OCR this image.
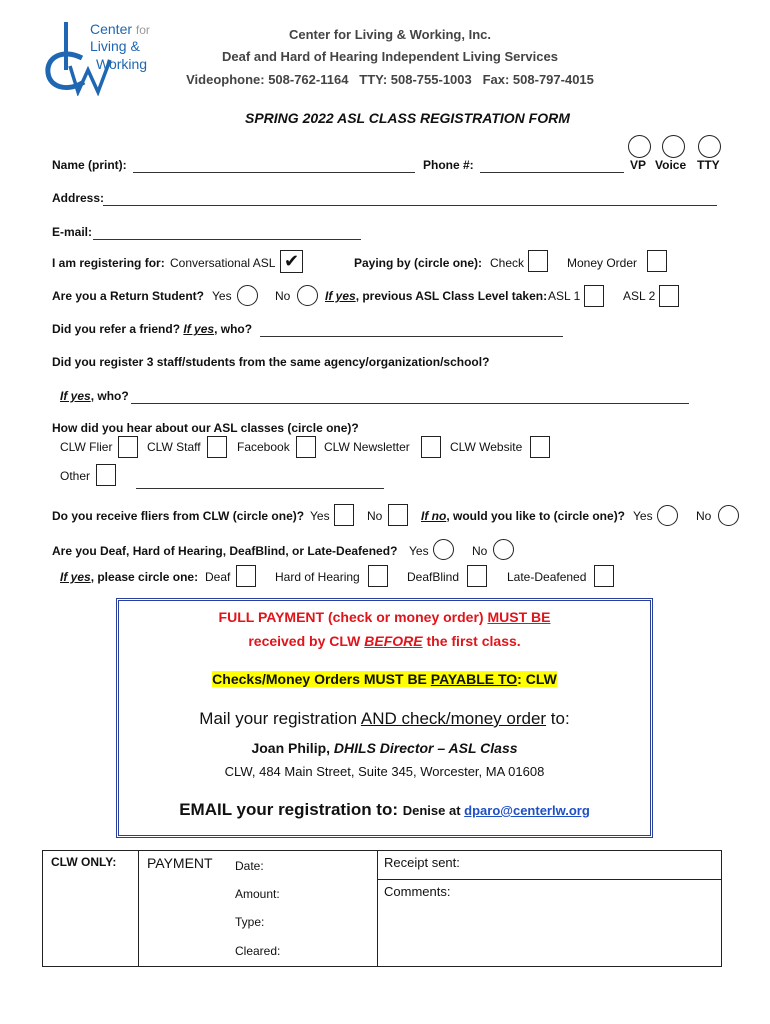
Center for
Living &
Working
Center for Living & Working, Inc.
Deaf and Hard of Hearing Independent Living Services
Videophone: 508-762-1164   TTY: 508-755-1003   Fax: 508-797-4015
SPRING 2022 ASL CLASS REGISTRATION FORM
Name (print):	Phone #:	VP Voice TTY
Address:
E-mail:
I am registering for: Conversational ASL ✔	Paying by (circle one): Check	Money Order
Are you a Return Student? Yes	No	If yes, previous ASL Class Level taken: ASL 1	ASL 2
Did you refer a friend? If yes, who?
Did you register 3 staff/students from the same agency/organization/school?
If yes, who?
How did you hear about our ASL classes (circle one)?
CLW Flier	CLW Staff	Facebook	CLW Newsletter	CLW Website
Other
Do you receive fliers from CLW (circle one)? Yes	No	If no, would you like to (circle one)? Yes	No
Are you Deaf, Hard of Hearing, DeafBlind, or Late-Deafened? Yes	No
If yes, please circle one: Deaf	Hard of Hearing	DeafBlind	Late-Deafened
FULL PAYMENT (check or money order) MUST BE
received by CLW BEFORE the first class.
Checks/Money Orders MUST BE PAYABLE TO: CLW
Mail your registration AND check/money order to:
Joan Philip, DHILS Director – ASL Class
CLW, 484 Main Street, Suite 345, Worcester, MA 01608
EMAIL your registration to: Denise at dparo@centerlw.org
CLW ONLY:	PAYMENT Date:
Amount:
Type:
Cleared:

Receipt sent:

Comments:
